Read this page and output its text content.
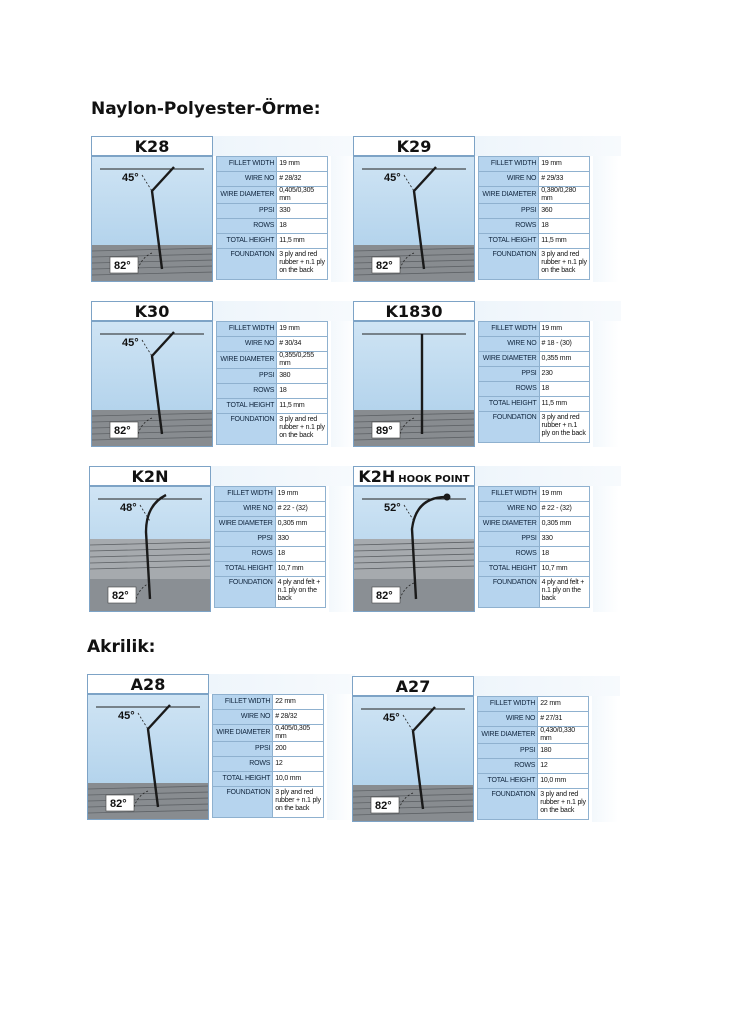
Naylon-Polyester-Örme:
Akrilik:
K28
45°
82°
FILLET WIDTH	19 mm
WIRE NO	# 28/32
WIRE DIAMETER	0,405/0,305 mm
PPSI	330
ROWS	18
TOTAL HEIGHT	11,5 mm
FOUNDATION	3 ply and red rubber + n.1 ply on the back
K29
45°
82°
FILLET WIDTH	19 mm
WIRE NO	# 29/33
WIRE DIAMETER	0,380/0,280 mm
PPSI	360
ROWS	18
TOTAL HEIGHT	11,5 mm
FOUNDATION	3 ply and red rubber + n.1 ply on the back
K30
45°
82°
FILLET WIDTH	19 mm
WIRE NO	# 30/34
WIRE DIAMETER	0,355/0,255 mm
PPSI	380
ROWS	18
TOTAL HEIGHT	11,5 mm
FOUNDATION	3 ply and red rubber + n.1 ply on the back
K1830
89°
FILLET WIDTH	19 mm
WIRE NO	# 18 - (30)
WIRE DIAMETER	0,355 mm
PPSI	230
ROWS	18
TOTAL HEIGHT	11,5 mm
FOUNDATION	3 ply and red rubber + n.1 ply on the back
K2N
48°
82°
FILLET WIDTH	19 mm
WIRE NO	# 22 - (32)
WIRE DIAMETER	0,305 mm
PPSI	330
ROWS	18
TOTAL HEIGHT	10,7 mm
FOUNDATION	4 ply and felt + n.1 ply on the back
K2H HOOK POINT
52°
82°
FILLET WIDTH	19 mm
WIRE NO	# 22 - (32)
WIRE DIAMETER	0,305 mm
PPSI	330
ROWS	18
TOTAL HEIGHT	10,7 mm
FOUNDATION	4 ply and felt + n.1 ply on the back
A28
45°
82°
FILLET WIDTH	22 mm
WIRE NO	# 28/32
WIRE DIAMETER	0,405/0,305 mm
PPSI	200
ROWS	12
TOTAL HEIGHT	10,0 mm
FOUNDATION	3 ply and red rubber + n.1 ply on the back
A27
45°
82°
FILLET WIDTH	22 mm
WIRE NO	# 27/31
WIRE DIAMETER	0,430/0,330 mm
PPSI	180
ROWS	12
TOTAL HEIGHT	10,0 mm
FOUNDATION	3 ply and red rubber + n.1 ply on the back
